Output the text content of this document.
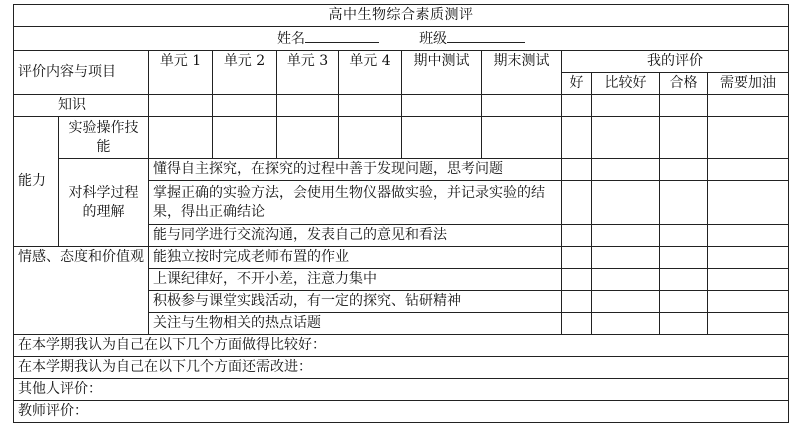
高中生物综合素质测评											
姓名 班级											
评价内容与项目		单元 1	单元 2	单元 3	单元 4	期中测试	期末测试	我的评价			
								好	比较好	合格	需要加油
知识											
能力	实验操作技能										
	对科学过程的理解	懂得自主探究，在探究的过程中善于发现问题，思考问题									
		掌握正确的实验方法，会使用生物仪器做实验，并记录实验的结果，得出正确结论									
		能与同学进行交流沟通，发表自己的意见和看法									
情感、态度和价值观		能独立按时完成老师布置的作业									
		上课纪律好，不开小差，注意力集中									
		积极参与课堂实践活动，有一定的探究、钻研精神									
		关注与生物相关的热点话题									
在本学期我认为自己在以下几个方面做得比较好：											
在本学期我认为自己在以下几个方面还需改进：											
其他人评价：											
教师评价：											
